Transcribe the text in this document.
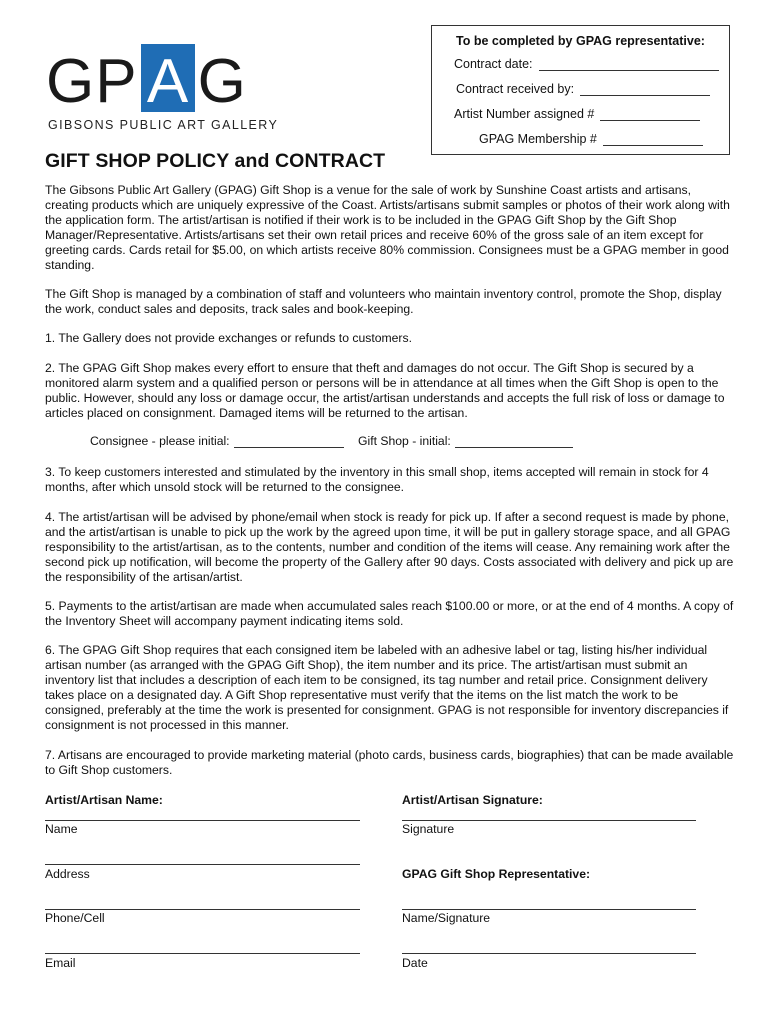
G P A G
GIBSONS PUBLIC ART GALLERY
To be completed by GPAG representative:
Contract date:
Contract received by:
Artist Number assigned #
GPAG Membership #
GIFT SHOP POLICY and CONTRACT

The Gibsons Public Art Gallery (GPAG) Gift Shop is a venue for the sale of work by Sunshine Coast artists and artisans, creating products which are uniquely expressive of the Coast. Artists/artisans submit samples or photos of their work along with the application form. The artist/artisan is notified if their work is to be included in the GPAG Gift Shop by the Gift Shop Manager/Representative. Artists/artisans set their own retail prices and receive 60% of the gross sale of an item except for greeting cards. Cards retail for $5.00, on which artists receive 80% commission. Consignees must be a GPAG member in good standing.

The Gift Shop is managed by a combination of staff and volunteers who maintain inventory control, promote the Shop, display the work, conduct sales and deposits, track sales and book-keeping.

1. The Gallery does not provide exchanges or refunds to customers.

2. The GPAG Gift Shop makes every effort to ensure that theft and damages do not occur. The Gift Shop is secured by a monitored alarm system and a qualified person or persons will be in attendance at all times when the Gift Shop is open to the public. However, should any loss or damage occur, the artist/artisan understands and accepts the full risk of loss or damage to articles placed on consignment. Damaged items will be returned to the artisan.

Consignee - please initial:	Gift Shop - initial:

3. To keep customers interested and stimulated by the inventory in this small shop, items accepted will remain in stock for 4 months, after which unsold stock will be returned to the consignee.

4. The artist/artisan will be advised by phone/email when stock is ready for pick up. If after a second request is made by phone, and the artist/artisan is unable to pick up the work by the agreed upon time, it will be put in gallery storage space, and all GPAG responsibility to the artist/artisan, as to the contents, number and condition of the items will cease. Any remaining work after the second pick up notification, will become the property of the Gallery after 90 days. Costs associated with delivery and pick up are the responsibility of the artisan/artist.

5. Payments to the artist/artisan are made when accumulated sales reach $100.00 or more, or at the end of 4 months. A copy of the Inventory Sheet will accompany payment indicating items sold.

6. The GPAG Gift Shop requires that each consigned item be labeled with an adhesive label or tag, listing his/her individual artisan number (as arranged with the GPAG Gift Shop), the item number and its price. The artist/artisan must submit an inventory list that includes a description of each item to be consigned, its tag number and retail price. Consignment delivery takes place on a designated day. A Gift Shop representative must verify that the items on the list match the work to be consigned, preferably at the time the work is presented for consignment. GPAG is not responsible for inventory discrepancies if consignment is not processed in this manner.

7. Artisans are encouraged to provide marketing material (photo cards, business cards, biographies) that can be made available to Gift Shop customers.

Artist/Artisan Name:	Artist/Artisan Signature:
Name	Signature
Address	GPAG Gift Shop Representative:
Phone/Cell	Name/Signature
Email	Date
